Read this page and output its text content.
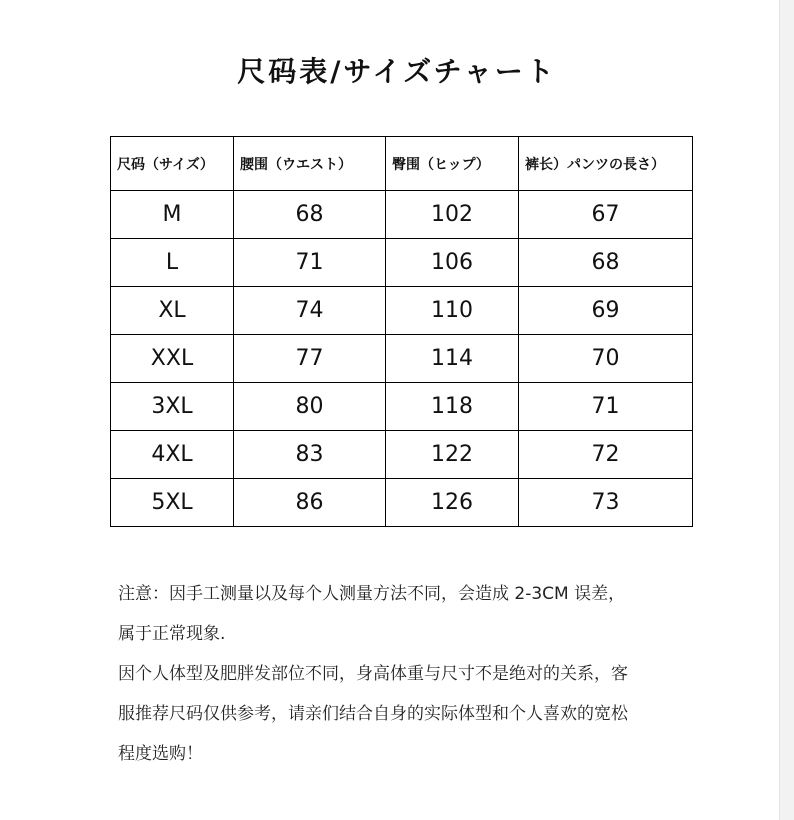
尺码表/サイズチャート
尺码（サイズ）	腰围（ウエスト）	臀围（ヒップ）	裤长）パンツの長さ）
M	68	102	67
L	71	106	68
XL	74	110	69
XXL	77	114	70
3XL	80	118	71
4XL	83	122	72
5XL	86	126	73

注意：因手工测量以及每个人测量方法不同，会造成 2-3CM 误差，

属于正常现象.

因个人体型及肥胖发部位不同，身高体重与尺寸不是绝对的关系，客

服推荐尺码仅供参考，请亲们结合自身的实际体型和个人喜欢的宽松

程度选购！
